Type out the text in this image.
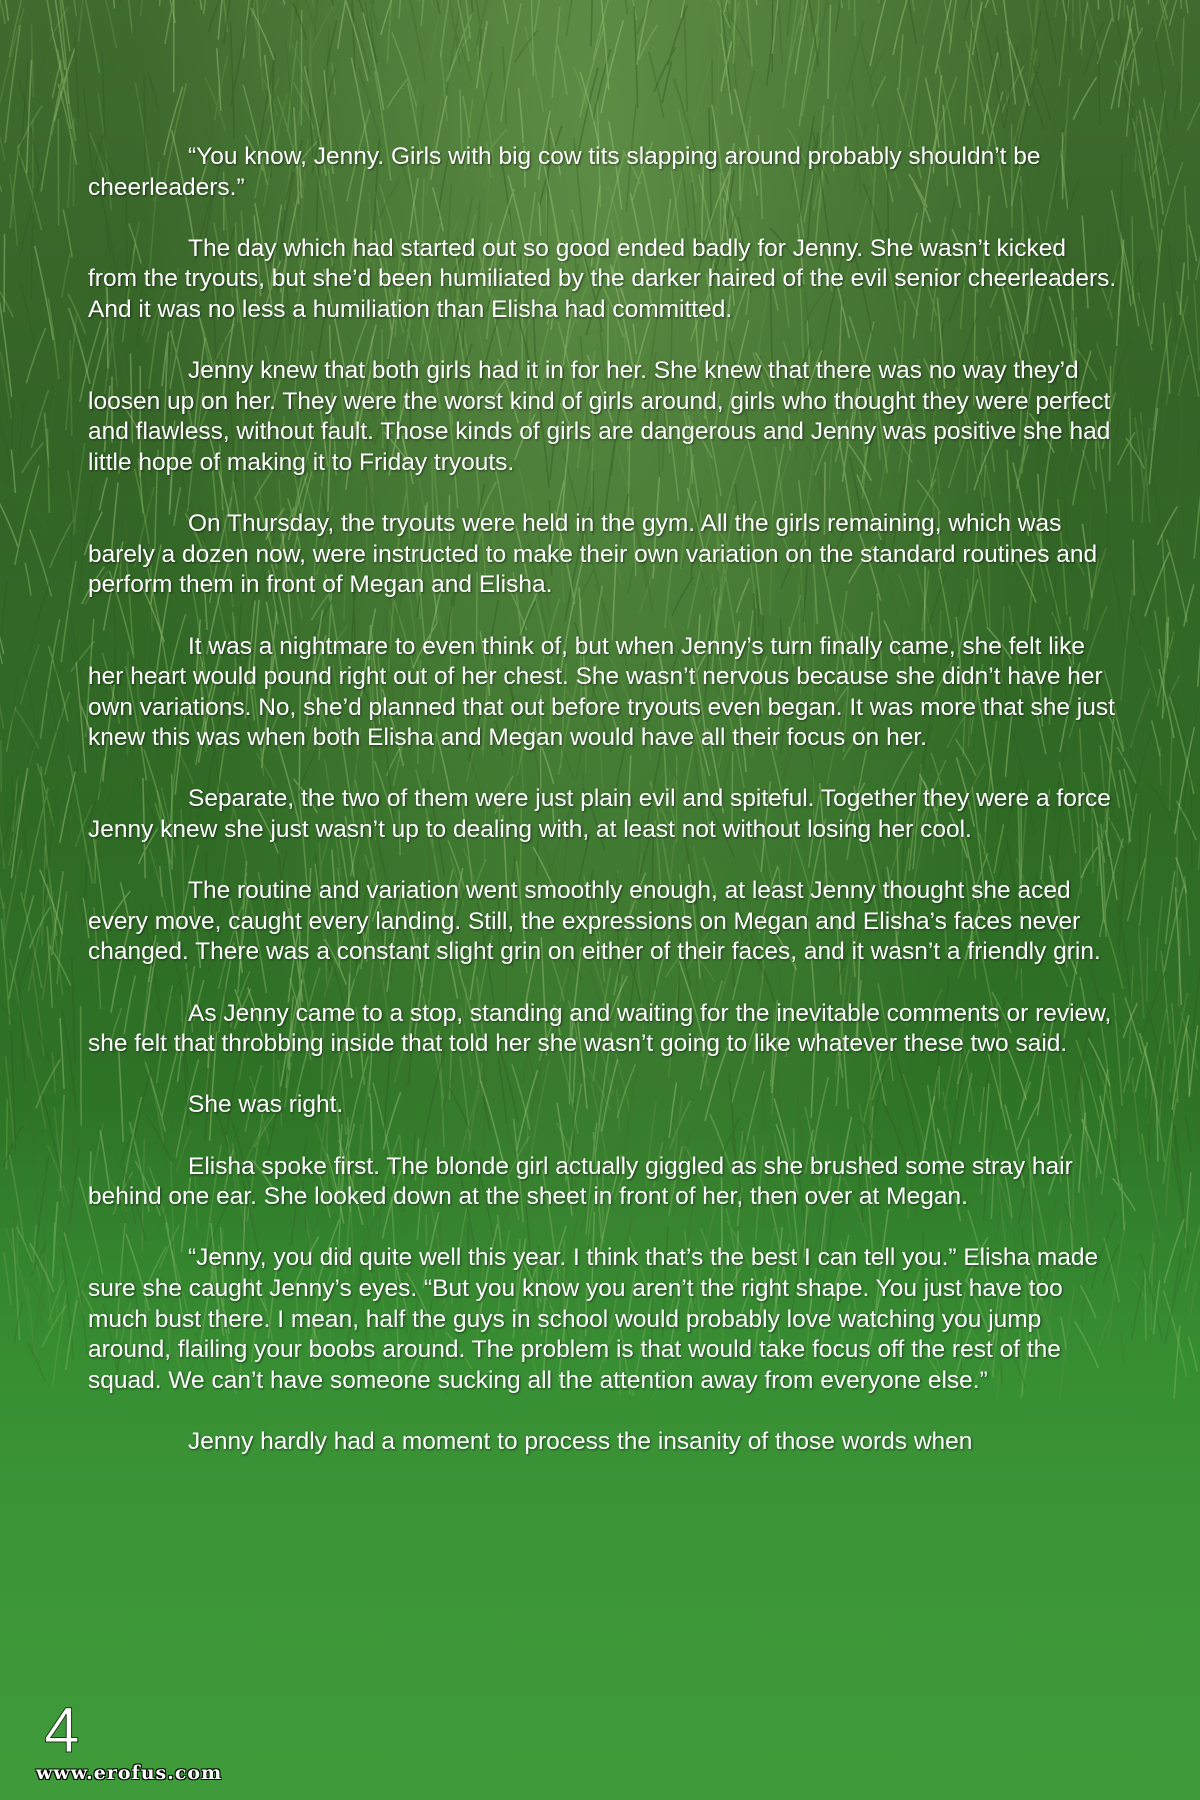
“You know, Jenny. Girls with big cow tits slapping around probably shouldn’t be cheerleaders.”

The day which had started out so good ended badly for Jenny. She wasn’t kicked from the tryouts, but she’d been humiliated by the darker haired of the evil senior cheerleaders. And it was no less a humiliation than Elisha had committed.

Jenny knew that both girls had it in for her. She knew that there was no way they’d loosen up on her. They were the worst kind of girls around, girls who thought they were perfect and flawless, without fault. Those kinds of girls are dangerous and Jenny was positive she had little hope of making it to Friday tryouts.

On Thursday, the tryouts were held in the gym. All the girls remaining, which was barely a dozen now, were instructed to make their own variation on the standard routines and perform them in front of Megan and Elisha.

It was a nightmare to even think of, but when Jenny’s turn finally came, she felt like her heart would pound right out of her chest. She wasn’t nervous because she didn’t have her own variations. No, she’d planned that out before tryouts even began. It was more that she just knew this was when both Elisha and Megan would have all their focus on her.

Separate, the two of them were just plain evil and spiteful. Together they were a force Jenny knew she just wasn’t up to dealing with, at least not without losing her cool.

The routine and variation went smoothly enough, at least Jenny thought she aced every move, caught every landing. Still, the expressions on Megan and Elisha’s faces never changed. There was a constant slight grin on either of their faces, and it wasn’t a friendly grin.

As Jenny came to a stop, standing and waiting for the inevitable comments or review, she felt that throbbing inside that told her she wasn’t going to like whatever these two said.

She was right.

Elisha spoke first. The blonde girl actually giggled as she brushed some stray hair behind one ear. She looked down at the sheet in front of her, then over at Megan.

“Jenny, you did quite well this year. I think that’s the best I can tell you.” Elisha made sure she caught Jenny’s eyes. “But you know you aren’t the right shape. You just have too much bust there. I mean, half the guys in school would probably love watching you jump around, flailing your boobs around. The problem is that would take focus off the rest of the squad. We can’t have someone sucking all the attention away from everyone else.”

Jenny hardly had a moment to process the insanity of those words when

4
www.erofus.com
